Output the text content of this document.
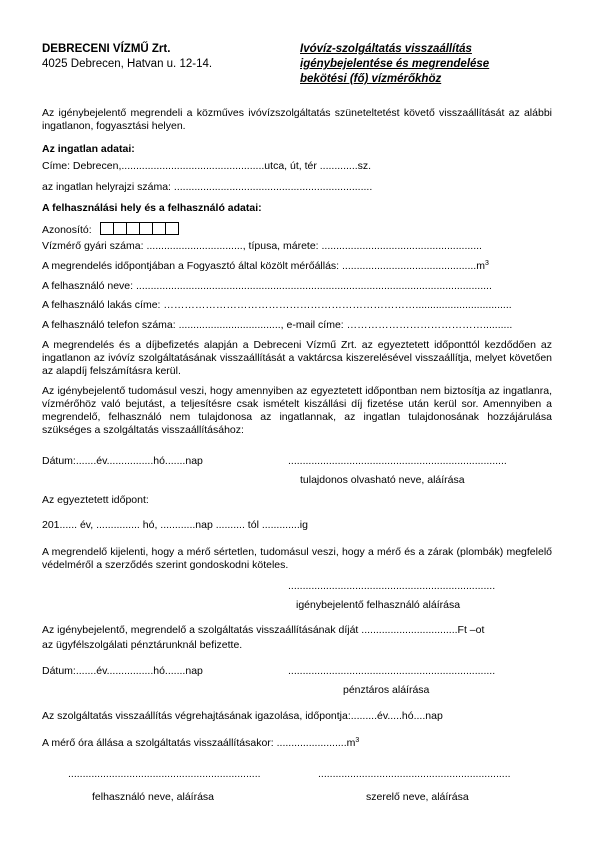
DEBRECENI VÍZMŰ Zrt.
4025 Debrecen, Hatvan u. 12-14.
Ivóvíz-szolgáltatás visszaállítás
igénybejelentése és megrendelése
bekötési (fő) vízmérőkhöz
Az igénybejelentő megrendeli a közműves ivóvízszolgáltatás szüneteltetést követő visszaállítását az alábbi ingatlanon, fogyasztási helyen.
Az ingatlan adatai:
Címe: Debrecen,.................................................utca, út, tér .............sz.
az ingatlan helyrajzi száma: ....................................................................
A felhasználási hely és a felhasználó adatai:
Azonosító:
Vízmérő gyári száma: ................................., típusa, márete: .......................................................
A megrendelés időpontjában a Fogyasztó által közölt mérőállás: $..............................................m^3$
A felhasználó neve: ..........................................................................................................................
A felhasználó lakás címe: ……………………………………………………………….................................
A felhasználó telefon száma: ..................................., e-mail címe: …………………………………..........
A megrendelés és a díjbefizetés alapján a Debreceni Vízmű Zrt. az egyeztetett időponttól kezdődően az ingatlanon az ivóvíz szolgáltatásának visszaállítását a vaktárcsa kiszerelésével visszaállítja, melyet követően az alapdíj felszámításra kerül.
Az igénybejelentő tudomásul veszi, hogy amennyiben az egyeztetett időpontban nem biztosítja az ingatlanra, vízmérőhöz való bejutást, a teljesítésre csak ismételt kiszállási díj fizetése után kerül sor. Amennyiben a megrendelő, felhasználó nem tulajdonosa az ingatlannak, az ingatlan tulajdonosának hozzájárulása szükséges a szolgáltatás visszaállításához:
Dátum:.......év................hó.......nap	...........................................................................
tulajdonos olvasható neve, aláírása
Az egyeztetett időpont:
201...... év, ............... hó, ............nap .......... tól .............ig
A megrendelő kijelenti, hogy a mérő sértetlen, tudomásul veszi, hogy a mérő és a zárak (plombák) megfelelő védelméről a szerződés szerint gondoskodni köteles.
.......................................................................
igénybejelentő felhasználó aláírása
Az igénybejelentő, megrendelő a szolgáltatás visszaállításának díját .................................Ft –ot
az ügyfélszolgálati pénztárunknál befizette.
Dátum:.......év................hó.......nap	.......................................................................
pénztáros aláírása
Az szolgáltatás visszaállítás végrehajtásának igazolása, időpontja:.........év.....hó....nap
A mérő óra állása a szolgáltatás visszaállításakor: $........................m^3$
..................................................................	..................................................................
felhasználó neve, aláírása	szerelő neve, aláírása
